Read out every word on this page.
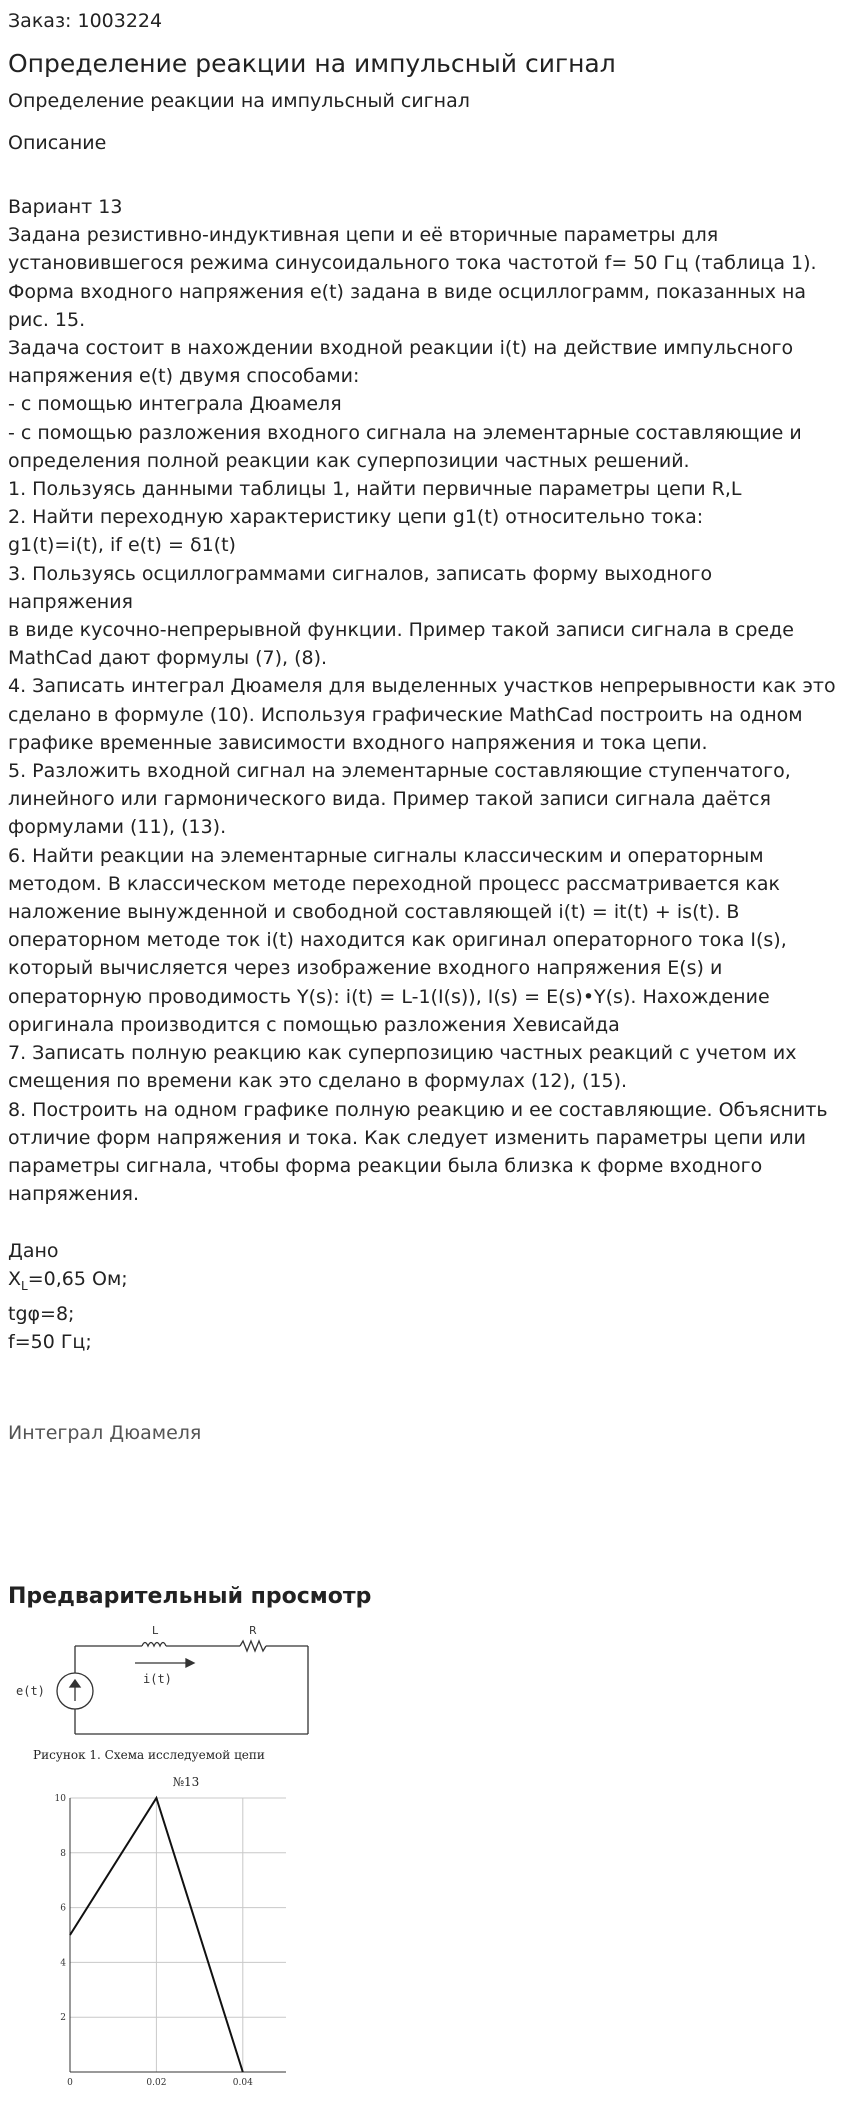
Заказ: 1003224
Определение реакции на импульсный сигнал
Определение реакции на импульсный сигнал
Описание
Вариант 13
Задана резистивно-индуктивная цепи и её вторичные параметры для
установившегося режима синусоидального тока частотой f= 50 Гц (таблица 1).
Форма входного напряжения e(t) задана в виде осциллограмм, показанных на
рис. 15.
Задача состоит в нахождении входной реакции i(t) на действие импульсного
напряжения e(t) двумя способами:
- с помощью интеграла Дюамеля
- с помощью разложения входного сигнала на элементарные составляющие и
определения полной реакции как суперпозиции частных решений.
1. Пользуясь данными таблицы 1, найти первичные параметры цепи R,L
2. Найти переходную характеристику цепи g1(t) относительно тока:
g1(t)=i(t), if e(t) = δ1(t)
3. Пользуясь осциллограммами сигналов, записать форму выходного
напряжения
в виде кусочно-непрерывной функции. Пример такой записи сигнала в среде
MathCad дают формулы (7), (8).
4. Записать интеграл Дюамеля для выделенных участков непрерывности как это
сделано в формуле (10). Используя графические MathCad построить на одном
графике временные зависимости входного напряжения и тока цепи.
5. Разложить входной сигнал на элементарные составляющие ступенчатого,
линейного или гармонического вида. Пример такой записи сигнала даётся
формулами (11), (13).
6. Найти реакции на элементарные сигналы классическим и операторным
методом. В классическом методе переходной процесс рассматривается как
наложение вынужденной и свободной составляющей i(t) = it(t) + is(t). В
операторном методе ток i(t) находится как оригинал операторного тока I(s),
который вычисляется через изображение входного напряжения E(s) и
операторную проводимость Y(s): i(t) = L-1(I(s)), I(s) = E(s)•Y(s). Нахождение
оригинала производится с помощью разложения Хевисайда
7. Записать полную реакцию как суперпозицию частных реакций с учетом их
смещения по времени как это сделано в формулах (12), (15).
8. Построить на одном графике полную реакцию и ее составляющие. Объяснить
отличие форм напряжения и тока. Как следует изменить параметры цепи или
параметры сигнала, чтобы форма реакции была близка к форме входного
напряжения.
Дано
$X_L=0,65$ Ом;
tgφ=8;
f=50 Гц;
Интеграл Дюамеля
Предварительный просмотр
L	R
e(t)
i(t)
Рисунок 1. Схема исследуемой цепи
№13
2
4
6
8
10
0	0.02	0.04
